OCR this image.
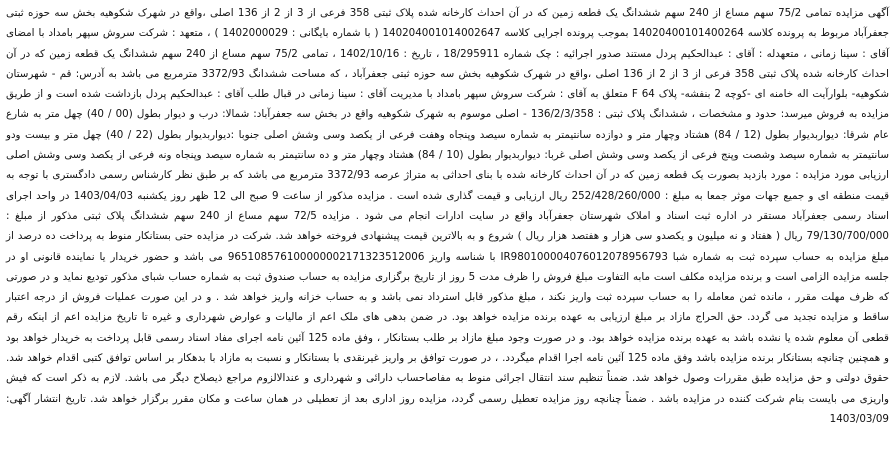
آگهی مزایده تمامی 75/2 سهم مساع از 240 سهم ششدانگ یک قطعه زمین که در آن احداث کارخانه شده پلاک ثبتی 358 فرعی از 3 از 2 از 136 اصلی ،واقع در شهرک شکوهیه بخش سه حوزه ثبتی جعفرآباد مربوط به پرونده کلاسه 14020400101400264 بموجب پرونده اجرایی کلاسه 140204001014002647 ( با شماره بایگانی : 1402000029 ) ، متعهد : شرکت سروش سپهر بامداد با امضای آقای : سینا زمانی ، متعهدله : آقای : عبدالحکیم پردل مستند صدور اجرائیه : چک شماره 18/295911 ، تاریخ : 1402/10/16 ، تمامی 75/2 سهم مساع از 240 سهم ششدانگ یک قطعه زمین که در آن احداث کارخانه شده پلاک ثبتی 358 فرعی از 3 از 2 از 136 اصلی ،واقع در شهرک شکوهیه بخش سه حوزه ثبتی جعفرآباد ، که مساحت ششدانگ 3372/93 مترمربع می باشد به آدرس: قم - شهرستان شکوهیه- بلوارآیت اله خامنه ای -کوچه 2 بنفشه- پلاک F 64 متعلق به آقای : شرکت سروش سپهر بامداد با مدیریت آقای : سینا زمانی در قبال طلب آقای : عبدالحکیم پردل بازداشت شده است و از طریق مزایده به فروش میرسد: حدود و مشخصات ، ششدانگ پلاک ثبتی : 136/2/3/358 - اصلی موسوم به شهرک شکوهیه واقع در بخش سه جعفرآباد: شمالا: درب و دیوار بطول (00 / 40) چهل متر به شارع عام شرقا: دیواربدیوار بطول (12 / 84) هشتاد وچهار متر و دوازده سانتیمتر به شماره سیصد وپنجاه وهفت فرعی از یکصد وسی وشش اصلی جنوبا :دیواربدیوار بطول (22 / 40) چهل متر و بیست ودو سانتیمتر به شماره سیصد وشصت وپنج فرعی از یکصد وسی وشش اصلی غربا: دیواربدیوار بطول (10 / 84) هشتاد وچهار متر و ده سانتیمتر به شماره سیصد وپنجاه ونه فرعی از یکصد وسی وشش اصلی ارزیابی مورد مزایده : مورد بازدید بصورت یک قطعه زمین که در آن احداث کارخانه شده با بنای احداثی به متراژ عرصه 3372/93 مترمربع می باشد که بر طبق نظر کارشناس رسمی دادگستری با توجه به قیمت منطقه ای و جمیع جهات موثر جمعا به مبلغ : 252/428/260/000 ریال ارزیابی و قیمت گذاری شده است . مزایده مذکور از ساعت 9 صبح الی 12 ظهر روز یکشنبه 1403/04/03 در واحد اجرای اسناد رسمی جعفرآباد مستقر در اداره ثبت اسناد و املاک شهرستان جعفرآباد واقع در سایت ادارات انجام می شود . مزایده 72/5 سهم مساع از 240 سهم ششدانگ پلاک ثبتی مذکور از مبلغ : 79/130/700/000 ریال ( هفتاد و نه میلیون و یکصدو سی هزار و هفتصد هزار ریال ) شروع و به بالاترین قیمت پیشنهادی فروخته خواهد شد. شرکت در مزایده حتی بستانکار منوط به پرداخت ده درصد از مبلغ مزایده به حساب سپرده ثبت به شماره شبا IR980100004076012078956793 با شناسه واریز 965108576100000002171323512006 می باشد و حضور خریدار یا نماینده قانونی او در جلسه مزایده الزامی است و برنده مزایده مکلف است مابه التفاوت مبلغ فروش را ظرف مدت 5 روز از تاریخ برگزاری مزایده به حساب صندوق ثبت به شماره حساب شبای مذکور تودیع نماید و در صورتی که ظرف مهلت مقرر ، مانده ثمن معامله را به حساب سپرده ثبت واریز نکند ، مبلغ مذکور قابل استرداد نمی باشد و به حساب خزانه واریز خواهد شد . و در این صورت عملیات فروش از درجه اعتبار ساقط و مزایده تجدید می گردد. حق الحراج مازاد بر مبلغ ارزیابی به عهده برنده مزایده خواهد بود. در ضمن بدهی های ملک اعم از مالیات و عوارض شهرداری و غیره تا تاریخ مزایده اعم از اینکه رقم قطعی آن معلوم شده یا نشده باشد به عهده برنده مزایده خواهد بود. و در صورت وجود مبلغ مازاد بر طلب بستانکار ، وفق ماده 125 آئین نامه اجرای مفاد اسناد رسمی قابل پرداخت به خریدار خواهد بود و همچنین چنانچه بستانکار برنده مزایده باشد وفق ماده 125 آئین نامه اجرا اقدام میگردد. ، در صورت توافق بر واریز غیرنقدی با بستانکار و نسبت به مازاد با بدهکار بر اساس توافق کتبی اقدام خواهد شد. حقوق دولتی و حق مزایده طبق مقررات وصول خواهد شد. ضمناً تنظیم سند انتقال اجرائی منوط به مفاصاحساب دارائی و شهرداری و عندالالزوم مراجع ذیصلاح دیگر می باشد. لازم به ذکر است که فیش واریزی می بایست بنام شرکت کننده در مزایده باشد . ضمناً چنانچه روز مزایده تعطیل رسمی گردد، مزایده روز اداری بعد از تعطیلی در همان ساعت و مکان مقرر برگزار خواهد شد. تاریخ انتشار آگهی: 1403/03/09
